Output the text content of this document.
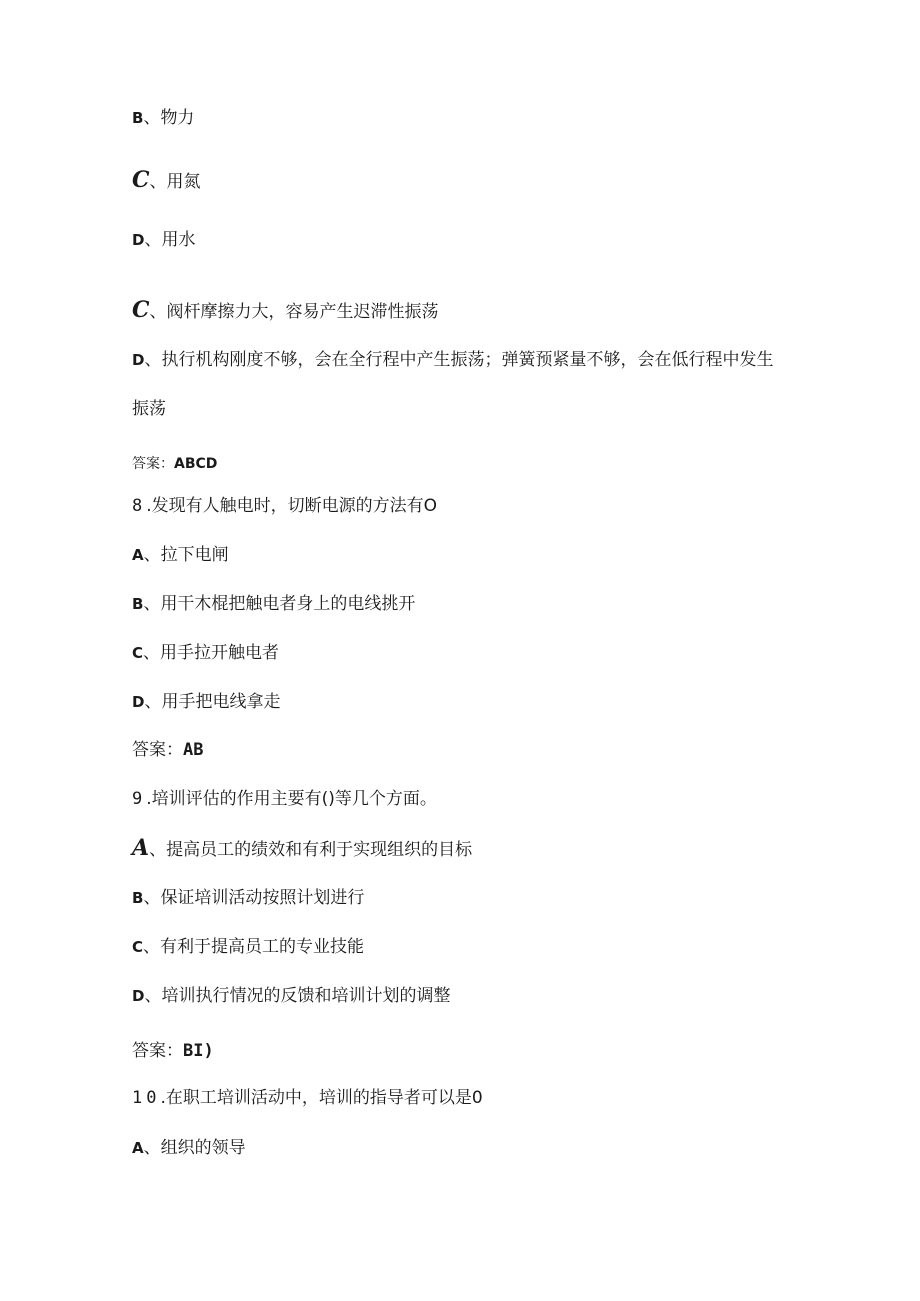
B、物力
C、用氮
D、用水
C、阀杆摩擦力大，容易产生迟滞性振荡
D、执行机构刚度不够，会在全行程中产生振荡；弹簧预紧量不够，会在低行程中发生
振荡
答案：ABCD
8.发现有人触电时，切断电源的方法有O
A、拉下电闸
B、用干木棍把触电者身上的电线挑开
C、用手拉开触电者
D、用手把电线拿走
答案：AB
9.培训评估的作用主要有()等几个方面。
A、提高员工的绩效和有利于实现组织的目标
B、保证培训活动按照计划进行
C、有利于提高员工的专业技能
D、培训执行情况的反馈和培训计划的调整
答案：BI)
10.在职工培训活动中，培训的指导者可以是0
A、组织的领导
